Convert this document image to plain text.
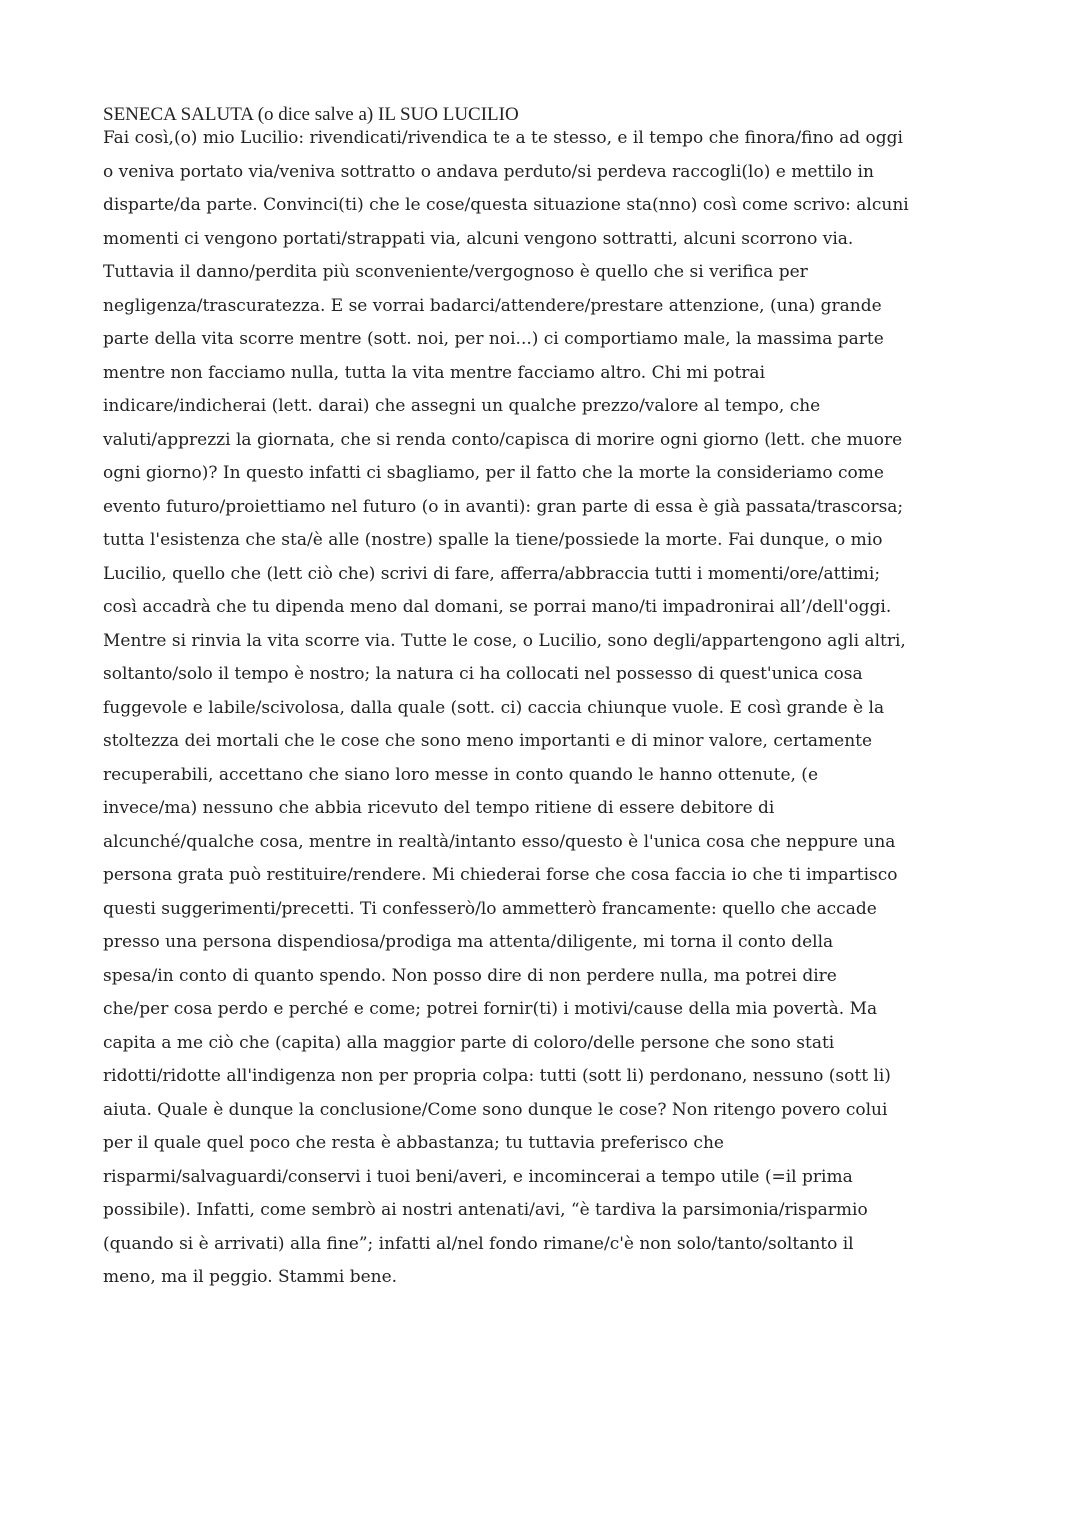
SENECA SALUTA (o dice salve a) IL SUO LUCILIO
Fai così,(o) mio Lucilio: rivendicati/rivendica te a te stesso, e il tempo che finora/fino ad oggi
o veniva portato via/veniva sottratto o andava perduto/si perdeva raccogli(lo) e mettilo in
disparte/da parte. Convinci(ti) che le cose/questa situazione sta(nno) così come scrivo: alcuni
momenti ci vengono portati/strappati via, alcuni vengono sottratti, alcuni scorrono via.
Tuttavia il danno/perdita più sconveniente/vergognoso è quello che si verifica per
negligenza/trascuratezza. E se vorrai badarci/attendere/prestare attenzione, (una) grande
parte della vita scorre mentre (sott. noi, per noi...) ci comportiamo male, la massima parte
mentre non facciamo nulla, tutta la vita mentre facciamo altro. Chi mi potrai
indicare/indicherai (lett. darai) che assegni un qualche prezzo/valore al tempo, che
valuti/apprezzi la giornata, che si renda conto/capisca di morire ogni giorno (lett. che muore
ogni giorno)? In questo infatti ci sbagliamo, per il fatto che la morte la consideriamo come
evento futuro/proiettiamo nel futuro (o in avanti): gran parte di essa è già passata/trascorsa;
tutta l'esistenza che sta/è alle (nostre) spalle la tiene/possiede la morte. Fai dunque, o mio
Lucilio, quello che (lett ciò che) scrivi di fare, afferra/abbraccia tutti i momenti/ore/attimi;
così accadrà che tu dipenda meno dal domani, se porrai mano/ti impadronirai all’/dell'oggi.
Mentre si rinvia la vita scorre via. Tutte le cose, o Lucilio, sono degli/appartengono agli altri,
soltanto/solo il tempo è nostro; la natura ci ha collocati nel possesso di quest'unica cosa
fuggevole e labile/scivolosa, dalla quale (sott. ci) caccia chiunque vuole. E così grande è la
stoltezza dei mortali che le cose che sono meno importanti e di minor valore, certamente
recuperabili, accettano che siano loro messe in conto quando le hanno ottenute, (e
invece/ma) nessuno che abbia ricevuto del tempo ritiene di essere debitore di
alcunché/qualche cosa, mentre in realtà/intanto esso/questo è l'unica cosa che neppure una
persona grata può restituire/rendere. Mi chiederai forse che cosa faccia io che ti impartisco
questi suggerimenti/precetti. Ti confesserò/lo ammetterò francamente: quello che accade
presso una persona dispendiosa/prodiga ma attenta/diligente, mi torna il conto della
spesa/in conto di quanto spendo. Non posso dire di non perdere nulla, ma potrei dire
che/per cosa perdo e perché e come; potrei fornir(ti) i motivi/cause della mia povertà. Ma
capita a me ciò che (capita) alla maggior parte di coloro/delle persone che sono stati
ridotti/ridotte all'indigenza non per propria colpa: tutti (sott li) perdonano, nessuno (sott li)
aiuta. Quale è dunque la conclusione/Come sono dunque le cose? Non ritengo povero colui
per il quale quel poco che resta è abbastanza; tu tuttavia preferisco che
risparmi/salvaguardi/conservi i tuoi beni/averi, e incomincerai a tempo utile (=il prima
possibile). Infatti, come sembrò ai nostri antenati/avi, “è tardiva la parsimonia/risparmio
(quando si è arrivati) alla fine”; infatti al/nel fondo rimane/c'è non solo/tanto/soltanto il
meno, ma il peggio. Stammi bene.
